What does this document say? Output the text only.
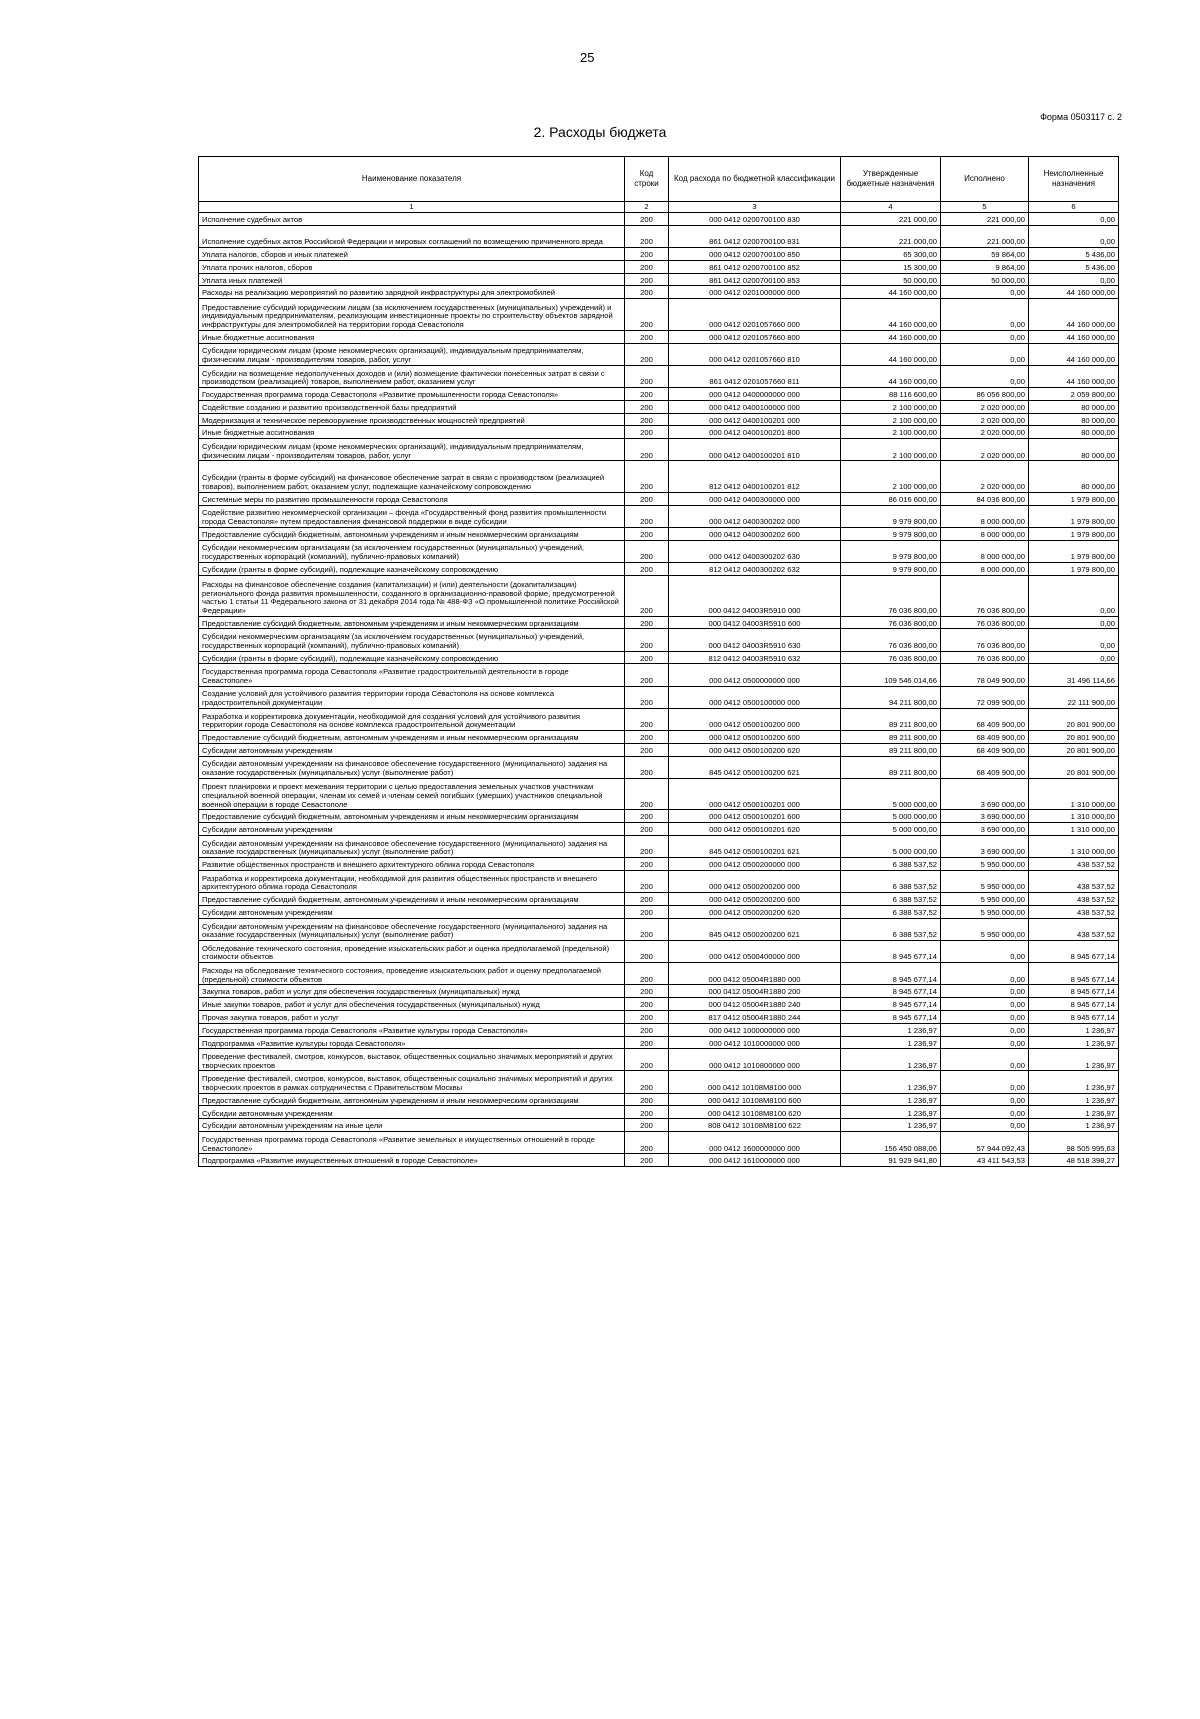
25
Форма 0503117 с. 2
2. Расходы бюджета
Наименование показателя	Код строки	Код расхода по бюджетной классификации	Утвержденные бюджетные назначения	Исполнено	Неисполненные назначения
1	2	3	4	5	6
Исполнение судебных актов	200	000 0412 0200700100 830	221 000,00	221 000,00	0,00
Исполнение судебных актов Российской Федерации и мировых соглашений по возмещению причиненного вреда	200	861 0412 0200700100 831	221 000,00	221 000,00	0,00
Уплата налогов, сборов и иных платежей	200	000 0412 0200700100 850	65 300,00	59 864,00	5 436,00
Уплата прочих налогов, сборов	200	861 0412 0200700100 852	15 300,00	9 864,00	5 436,00
Уплата иных платежей	200	861 0412 0200700100 853	50 000,00	50 000,00	0,00
Расходы на реализацию мероприятий по развитию зарядной инфраструктуры для электромобилей	200	000 0412 0201000000 000	44 160 000,00	0,00	44 160 000,00
Предоставление субсидий юридическим лицам (за исключением государственных (муниципальных) учреждений) и индивидуальным предпринимателям, реализующим инвестиционные проекты по строительству объектов зарядной инфраструктуры для электромобилей на территории города Севастополя	200	000 0412 0201057660 000	44 160 000,00	0,00	44 160 000,00
Иные бюджетные ассигнования	200	000 0412 0201057660 800	44 160 000,00	0,00	44 160 000,00
Субсидии юридическим лицам (кроме некоммерческих организаций), индивидуальным предпринимателям, физическим лицам - производителям товаров, работ, услуг	200	000 0412 0201057660 810	44 160 000,00	0,00	44 160 000,00
Субсидии на возмещение недополученных доходов и (или) возмещение фактически понесенных затрат в связи с производством (реализацией) товаров, выполнением работ, оказанием услуг	200	861 0412 0201057660 811	44 160 000,00	0,00	44 160 000,00
Государственная программа города Севастополя «Развитие промышленности города Севастополя»	200	000 0412 0400000000 000	88 116 600,00	86 056 800,00	2 059 800,00
Содействие созданию и развитию производственной базы предприятий	200	000 0412 0400100000 000	2 100 000,00	2 020 000,00	80 000,00
Модернизация и техническое перевооружение производственных мощностей предприятий	200	000 0412 0400100201 000	2 100 000,00	2 020 000,00	80 000,00
Иные бюджетные ассигнования	200	000 0412 0400100201 800	2 100 000,00	2 020 000,00	80 000,00
Субсидии юридическим лицам (кроме некоммерческих организаций), индивидуальным предпринимателям, физическим лицам - производителям товаров, работ, услуг	200	000 0412 0400100201 810	2 100 000,00	2 020 000,00	80 000,00
Субсидии (гранты в форме субсидий) на финансовое обеспечение затрат в связи с производством (реализацией товаров), выполнением работ, оказанием услуг, подлежащие казначейскому сопровождению	200	812 0412 0400100201 812	2 100 000,00	2 020 000,00	80 000,00
Системные меры по развитию промышленности города Севастополя	200	000 0412 0400300000 000	86 016 600,00	84 036 800,00	1 979 800,00
Содействие развитию некоммерческой организации – фонда «Государственный фонд развития промышленности города Севастополя» путем предоставления финансовой поддержки в виде субсидии	200	000 0412 0400300202 000	9 979 800,00	8 000 000,00	1 979 800,00
Предоставление субсидий бюджетным, автономным учреждениям и иным некоммерческим организациям	200	000 0412 0400300202 600	9 979 800,00	8 000 000,00	1 979 800,00
Субсидии некоммерческим организациям (за исключением государственных (муниципальных) учреждений, государственных корпораций (компаний), публично-правовых компаний)	200	000 0412 0400300202 630	9 979 800,00	8 000 000,00	1 979 800,00
Субсидии (гранты в форме субсидий), подлежащие казначейскому сопровождению	200	812 0412 0400300202 632	9 979 800,00	8 000 000,00	1 979 800,00
Расходы на финансовое обеспечение создания (капитализации) и (или) деятельности (докапитализации) регионального фонда развития промышленности, созданного в организационно-правовой форме, предусмотренной частью 1 статьи 11 Федерального закона от 31 декабря 2014 года № 488-ФЗ «О промышленной политике Российской Федерации»	200	000 0412 04003R5910 000	76 036 800,00	76 036 800,00	0,00
Предоставление субсидий бюджетным, автономным учреждениям и иным некоммерческим организациям	200	000 0412 04003R5910 600	76 036 800,00	76 036 800,00	0,00
Субсидии некоммерческим организациям (за исключением государственных (муниципальных) учреждений, государственных корпораций (компаний), публично-правовых компаний)	200	000 0412 04003R5910 630	76 036 800,00	76 036 800,00	0,00
Субсидии (гранты в форме субсидий), подлежащие казначейскому сопровождению	200	812 0412 04003R5910 632	76 036 800,00	76 036 800,00	0,00
Государственная программа города Севастополя «Развитие градостроительной деятельности в городе Севастополе»	200	000 0412 0500000000 000	109 546 014,66	78 049 900,00	31 496 114,66
Создание условий для устойчивого развития территории города Севастополя на основе комплекса градостроительной документации	200	000 0412 0500100000 000	94 211 800,00	72 099 900,00	22 111 900,00
Разработка и корректировка документации, необходимой для создания условий для устойчивого развития территории города Севастополя на основе комплекса градостроительной документации	200	000 0412 0500100200 000	89 211 800,00	68 409 900,00	20 801 900,00
Предоставление субсидий бюджетным, автономным учреждениям и иным некоммерческим организациям	200	000 0412 0500100200 600	89 211 800,00	68 409 900,00	20 801 900,00
Субсидии автономным учреждениям	200	000 0412 0500100200 620	89 211 800,00	68 409 900,00	20 801 900,00
Субсидии автономным учреждениям на финансовое обеспечение государственного (муниципального) задания на оказание государственных (муниципальных) услуг (выполнение работ)	200	845 0412 0500100200 621	89 211 800,00	68 409 900,00	20 801 900,00
Проект планировки и проект межевания территории с целью предоставления земельных участков участникам специальной военной операции, членам их семей и членам семей погибших (умерших) участников специальной военной операции в городе Севастополе	200	000 0412 0500100201 000	5 000 000,00	3 690 000,00	1 310 000,00
Предоставление субсидий бюджетным, автономным учреждениям и иным некоммерческим организациям	200	000 0412 0500100201 600	5 000 000,00	3 690 000,00	1 310 000,00
Субсидии автономным учреждениям	200	000 0412 0500100201 620	5 000 000,00	3 690 000,00	1 310 000,00
Субсидии автономным учреждениям на финансовое обеспечение государственного (муниципального) задания на оказание государственных (муниципальных) услуг (выполнение работ)	200	845 0412 0500100201 621	5 000 000,00	3 690 000,00	1 310 000,00
Развитие общественных пространств и внешнего архитектурного облика города Севастополя	200	000 0412 0500200000 000	6 388 537,52	5 950 000,00	438 537,52
Разработка и корректировка документации, необходимой для развития общественных пространств и внешнего архитектурного облика города Севастополя	200	000 0412 0500200200 000	6 388 537,52	5 950 000,00	438 537,52
Предоставление субсидий бюджетным, автономным учреждениям и иным некоммерческим организациям	200	000 0412 0500200200 600	6 388 537,52	5 950 000,00	438 537,52
Субсидии автономным учреждениям	200	000 0412 0500200200 620	6 388 537,52	5 950 000,00	438 537,52
Субсидии автономным учреждениям на финансовое обеспечение государственного (муниципального) задания на оказание государственных (муниципальных) услуг (выполнение работ)	200	845 0412 0500200200 621	6 388 537,52	5 950 000,00	438 537,52
Обследование технического состояния, проведение изыскательских работ и оценка предполагаемой (предельной) стоимости объектов	200	000 0412 0500400000 000	8 945 677,14	0,00	8 945 677,14
Расходы на обследование технического состояния, проведение изыскательских работ и оценку предполагаемой (предельной) стоимости объектов	200	000 0412 05004R1880 000	8 945 677,14	0,00	8 945 677,14
Закупка товаров, работ и услуг для обеспечения государственных (муниципальных) нужд	200	000 0412 05004R1880 200	8 945 677,14	0,00	8 945 677,14
Иные закупки товаров, работ и услуг для обеспечения государственных (муниципальных) нужд	200	000 0412 05004R1880 240	8 945 677,14	0,00	8 945 677,14
Прочая закупка товаров, работ и услуг	200	817 0412 05004R1880 244	8 945 677,14	0,00	8 945 677,14
Государственная программа города Севастополя «Развитие культуры города Севастополя»	200	000 0412 1000000000 000	1 236,97	0,00	1 236,97
Подпрограмма «Развитие культуры города Севастополя»	200	000 0412 1010000000 000	1 236,97	0,00	1 236,97
Проведение фестивалей, смотров, конкурсов, выставок, общественных социально значимых мероприятий и других творческих проектов	200	000 0412 1010800000 000	1 236,97	0,00	1 236,97
Проведение фестивалей, смотров, конкурсов, выставок, общественных социально значимых мероприятий и других творческих проектов в рамках сотрудничества с Правительством Москвы	200	000 0412 10108M8100 000	1 236,97	0,00	1 236,97
Предоставление субсидий бюджетным, автономным учреждениям и иным некоммерческим организациям	200	000 0412 10108M8100 600	1 236,97	0,00	1 236,97
Субсидии автономным учреждениям	200	000 0412 10108M8100 620	1 236,97	0,00	1 236,97
Субсидии автономным учреждениям на иные цели	200	808 0412 10108M8100 622	1 236,97	0,00	1 236,97
Государственная программа города Севастополя «Развитие земельных и имущественных отношений в городе Севастополе»	200	000 0412 1600000000 000	156 450 088,06	57 944 092,43	98 505 995,63
Подпрограмма «Развитие имущественных отношений в городе Севастополе»	200	000 0412 1610000000 000	91 929 941,80	43 411 543,53	48 518 398,27
